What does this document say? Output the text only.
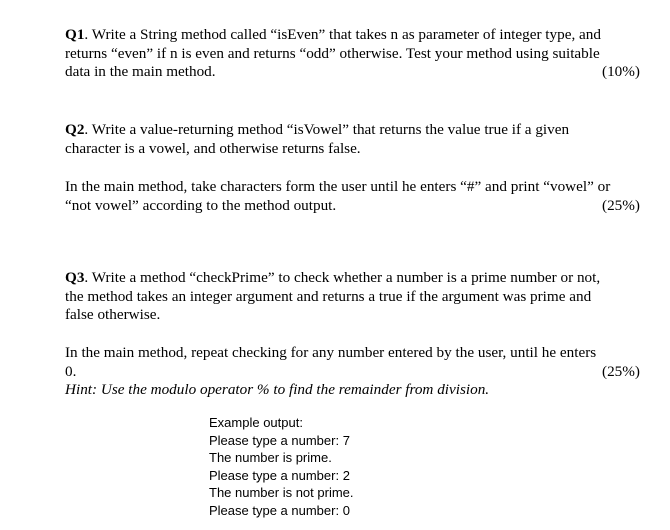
Q1. Write a String method called “isEven” that takes n as parameter of integer type, and
returns “even” if n is even and returns “odd” otherwise. Test your method using suitable
data in the main method.	(10%)
Q2. Write a value-returning method “isVowel” that returns the value true if a given
character is a vowel, and otherwise returns false.
In the main method, take characters form the user until he enters “#” and print “vowel” or
“not vowel” according to the method output.	(25%)
Q3. Write a method “checkPrime” to check whether a number is a prime number or not,
the method takes an integer argument and returns a true if the argument was prime and
false otherwise.
In the main method, repeat checking for any number entered by the user, until he enters
0.	(25%)
Hint: Use the modulo operator % to find the remainder from division.
Example output:
Please type a number: 7
The number is prime.
Please type a number: 2
The number is not prime.
Please type a number: 0
